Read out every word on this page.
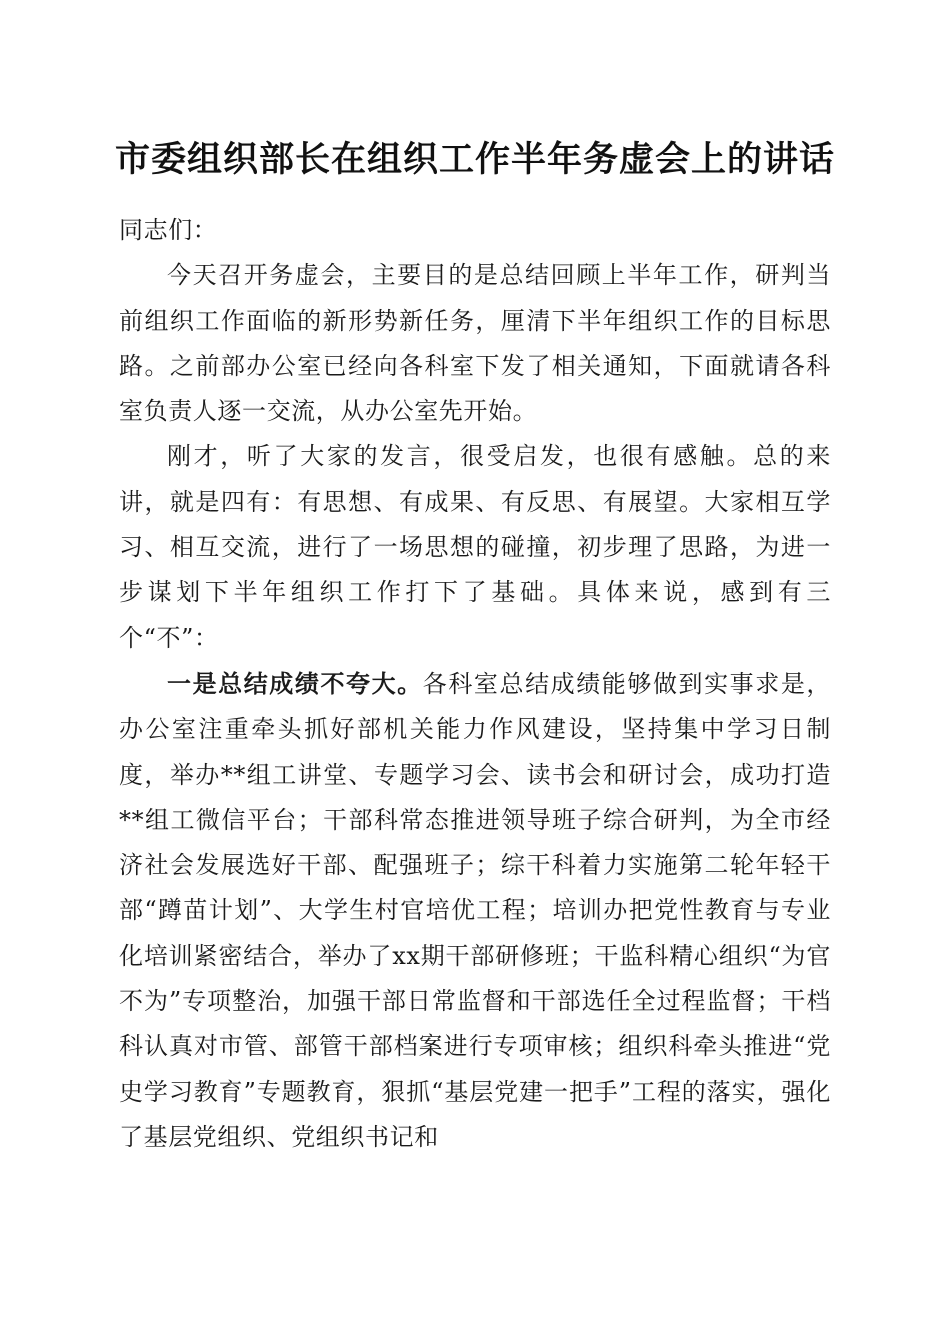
市委组织部长在组织工作半年务虚会上的讲话

同志们：

今天召开务虚会，主要目的是总结回顾上半年工作，研判当前组织工作面临的新形势新任务，厘清下半年组织工作的目标思路。之前部办公室已经向各科室下发了相关通知，下面就请各科室负责人逐一交流，从办公室先开始。

刚才，听了大家的发言，很受启发，也很有感触。总的来讲，就是四有：有思想、有成果、有反思、有展望。大家相互学习、相互交流，进行了一场思想的碰撞，初步理了思路，为进一步谋划下半年组织工作打下了基础。具体来说，感到有三个“不”：

一是总结成绩不夸大。各科室总结成绩能够做到实事求是，办公室注重牵头抓好部机关能力作风建设，坚持集中学习日制度，举办**组工讲堂、专题学习会、读书会和研讨会，成功打造**组工微信平台；干部科常态推进领导班子综合研判，为全市经济社会发展选好干部、配强班子；综干科着力实施第二轮年轻干部“蹲苗计划”、大学生村官培优工程；培训办把党性教育与专业化培训紧密结合，举办了xx期干部研修班；干监科精心组织“为官不为”专项整治，加强干部日常监督和干部选任全过程监督；干档科认真对市管、部管干部档案进行专项审核；组织科牵头推进“党史学习教育”专题教育，狠抓“基层党建一把手”工程的落实，强化了基层党组织、党组织书记和
